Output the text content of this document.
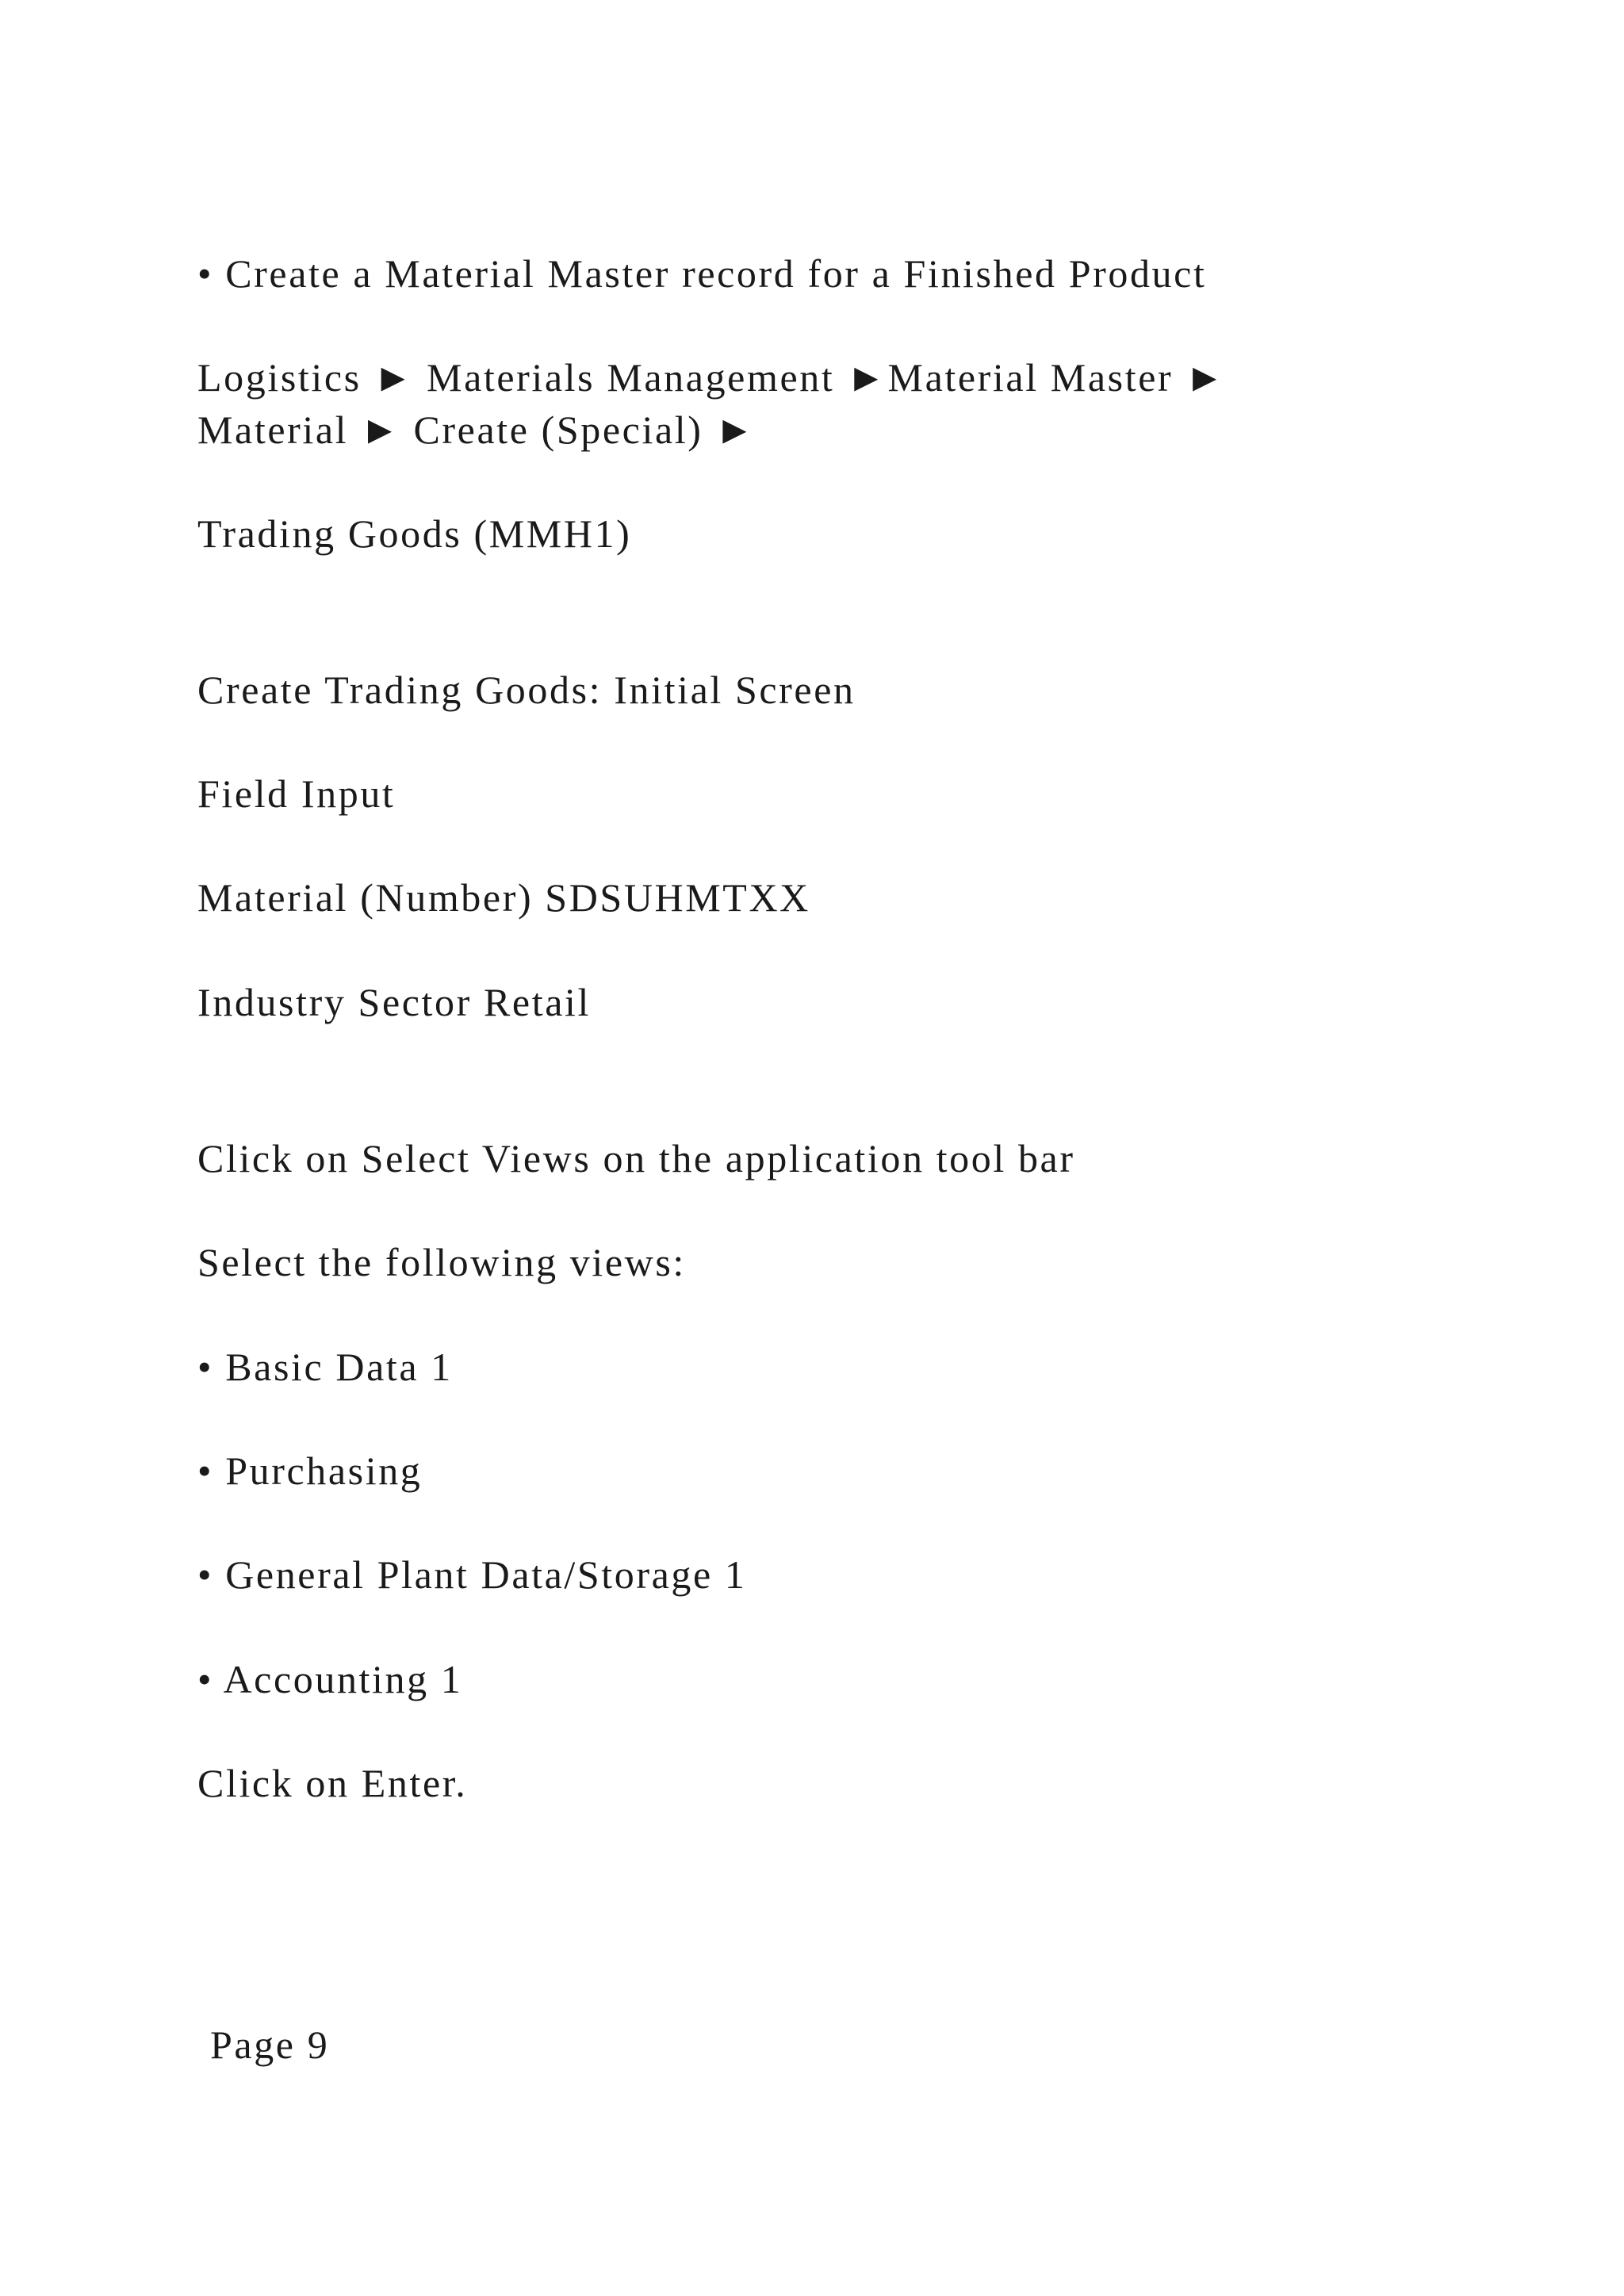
• Create a Material Master record for a Finished Product
Logistics ► Materials Management ►Material Master ►
Material ► Create (Special) ►
Trading Goods (MMH1)
Create Trading Goods: Initial Screen
Field Input
Material (Number) SDSUHMTXX
Industry Sector Retail
Click on Select Views on the application tool bar
Select the following views:
• Basic Data 1
• Purchasing
• General Plant Data/Storage 1
• Accounting 1
Click on Enter.
Page 9
